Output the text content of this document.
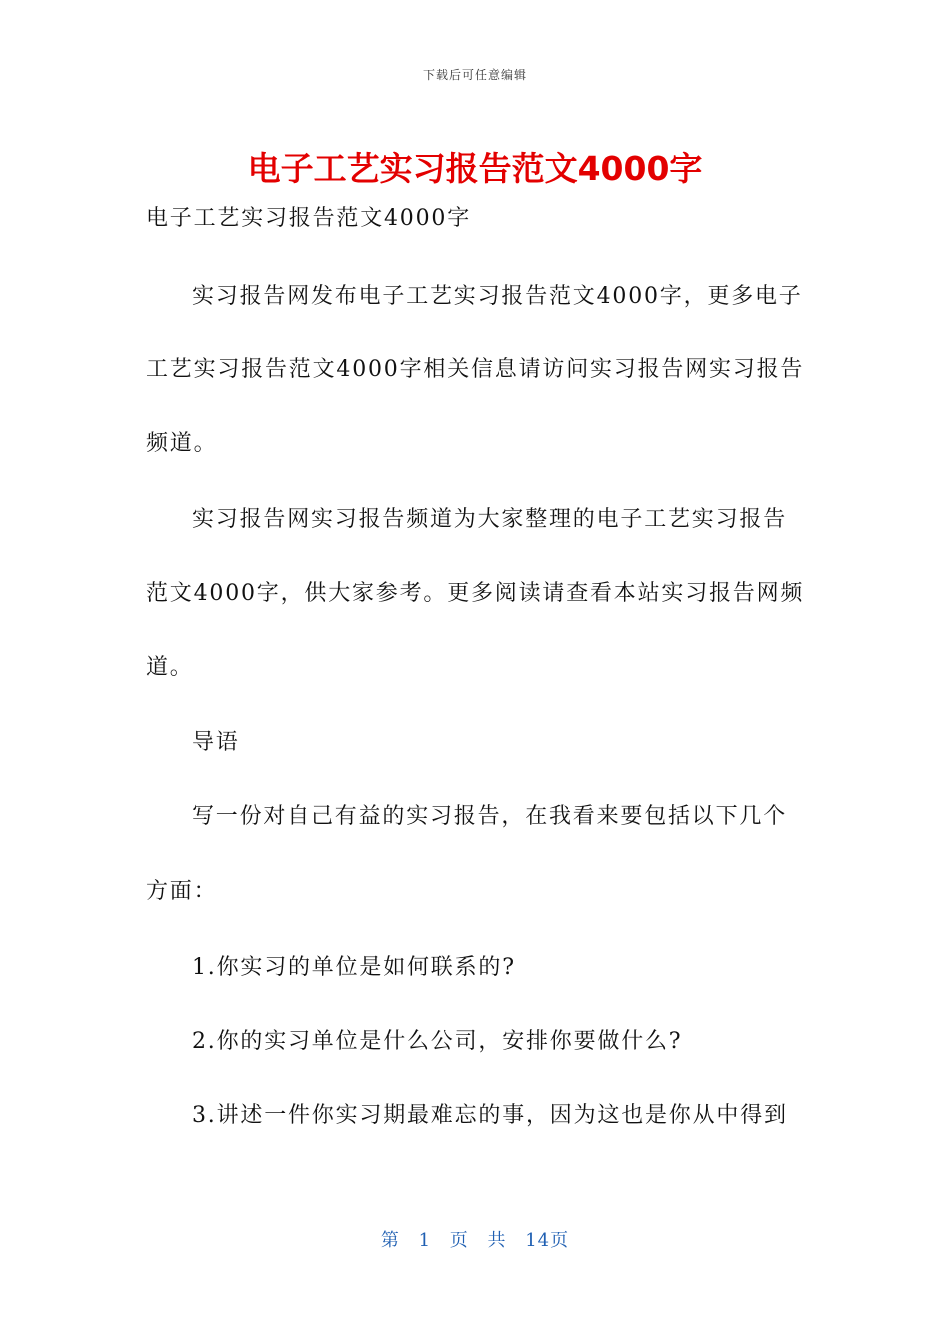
下载后可任意编辑
电子工艺实习报告范文4000字
电子工艺实习报告范文4000字
实习报告网发布电子工艺实习报告范文4000字，更多电子
工艺实习报告范文4000字相关信息请访问实习报告网实习报告
频道。
实习报告网实习报告频道为大家整理的电子工艺实习报告
范文4000字，供大家参考。更多阅读请查看本站实习报告网频
道。
导语
写一份对自己有益的实习报告，在我看来要包括以下几个
方面：
1.你实习的单位是如何联系的?
2.你的实习单位是什么公司，安排你要做什么?
3.讲述一件你实习期最难忘的事，因为这也是你从中得到
第 1 页 共 14页
